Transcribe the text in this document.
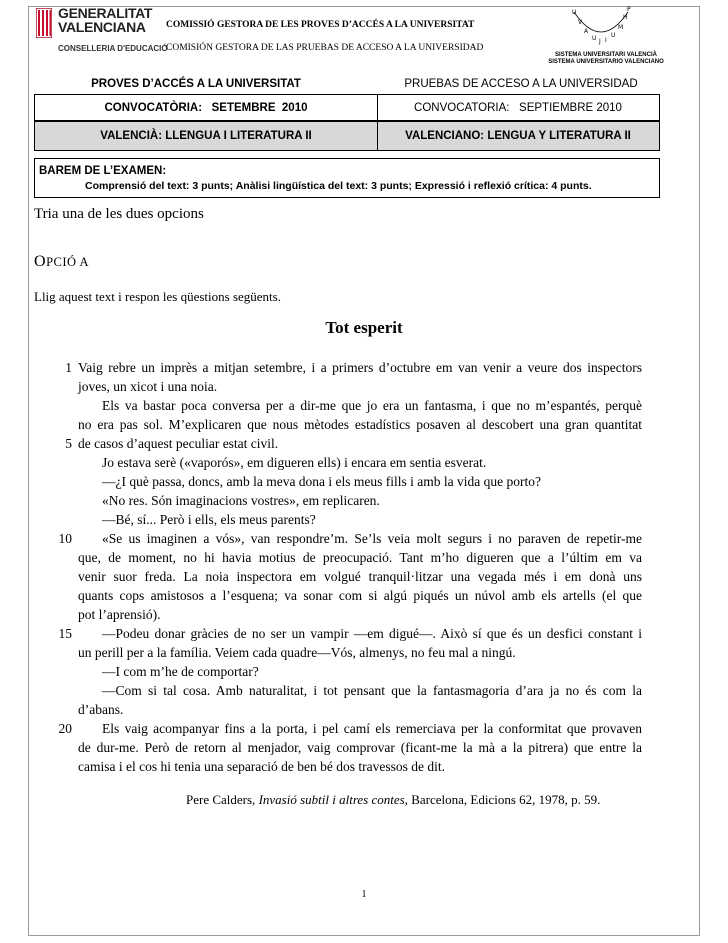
GENERALITAT
VALENCIANA
CONSELLERIA D'EDUCACIÓ
COMISSIÓ GESTORA DE LES PROVES D’ACCÉS A LA UNIVERSITAT
COMISIÓN GESTORA DE LAS PRUEBAS DE ACCESO A LA UNIVERSIDAD
U
V
A
U J I
U
M
H
P
SISTEMA UNIVERSITARI VALENCIÀ
SISTEMA UNIVERSITARIO VALENCIANO
PROVES D’ACCÉS A LA UNIVERSITAT	PRUEBAS DE ACCESO A LA UNIVERSIDAD
CONVOCATÒRIA:   SETEMBRE  2010	CONVOCATORIA:   SEPTIEMBRE 2010
VALENCIÀ: LLENGUA I LITERATURA II	VALENCIANO: LENGUA Y LITERATURA II
BAREM DE L’EXAMEN:
Comprensió del text: 3 punts; Anàlisi lingüística del text: 3 punts; Expressió i reflexió crítica: 4 punts.
Tria una de les dues opcions
OPCIÓ A
Llig aquest text i respon les qüestions següents.
Tot esperit
1
5
10
15
20
Vaig rebre un imprès a mitjan setembre, i a primers d’octubre em van venir a veure dos inspectors
joves, un xicot i una noia.
Els va bastar poca conversa per a dir-me que jo era un fantasma, i que no m’espantés, perquè
no era pas sol. M’explicaren que nous mètodes estadístics posaven al descobert una gran quantitat
de casos d’aquest peculiar estat civil.
Jo estava serè («vaporós», em digueren ells) i encara em sentia esverat.
—¿I què passa, doncs, amb la meva dona i els meus fills i amb la vida que porto?
«No res. Són imaginacions vostres», em replicaren.
—Bé, sí... Però i ells, els meus parents?
«Se us imaginen a vós», van respondre’m. Se’ls veia molt segurs i no paraven de repetir-me
que, de moment, no hi havia motius de preocupació. Tant m’ho digueren que a l’últim em va
venir suor freda. La noia inspectora em volgué tranquil·litzar una vegada més i em donà uns
quants cops amistosos a l’esquena; va sonar com si algú piqués un núvol amb els artells (el que
pot l’aprensió).
—Podeu donar gràcies de no ser un vampir —em digué—. Això sí que és un desfici constant i
un perill per a la família. Veiem cada quadre—Vós, almenys, no feu mal a ningú.
—I com m’he de comportar?
—Com si tal cosa. Amb naturalitat, i tot pensant que la fantasmagoria d’ara ja no és com la
d’abans.
Els vaig acompanyar fins a la porta, i pel camí els remerciava per la conformitat que provaven
de dur-me. Però de retorn al menjador, vaig comprovar (ficant-me la mà a la pitrera) que entre la
camisa i el cos hi tenia una separació de ben bé dos travessos de dit.
Pere Calders, Invasió subtil i altres contes, Barcelona, Edicions 62, 1978, p. 59.
1
